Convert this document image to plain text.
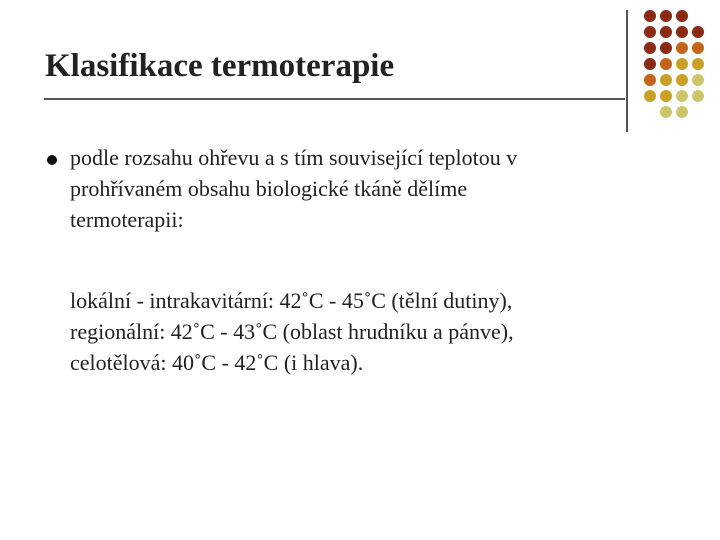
Klasifikace termoterapie
podle rozsahu ohřevu a s tím související teplotou v
prohřívaném obsahu biologické tkáně dělíme
termoterapii:
lokální - intrakavitární: 42˚C - 45˚C (tělní dutiny),
regionální: 42˚C - 43˚C (oblast hrudníku a pánve),
celotělová: 40˚C - 42˚C (i hlava).
